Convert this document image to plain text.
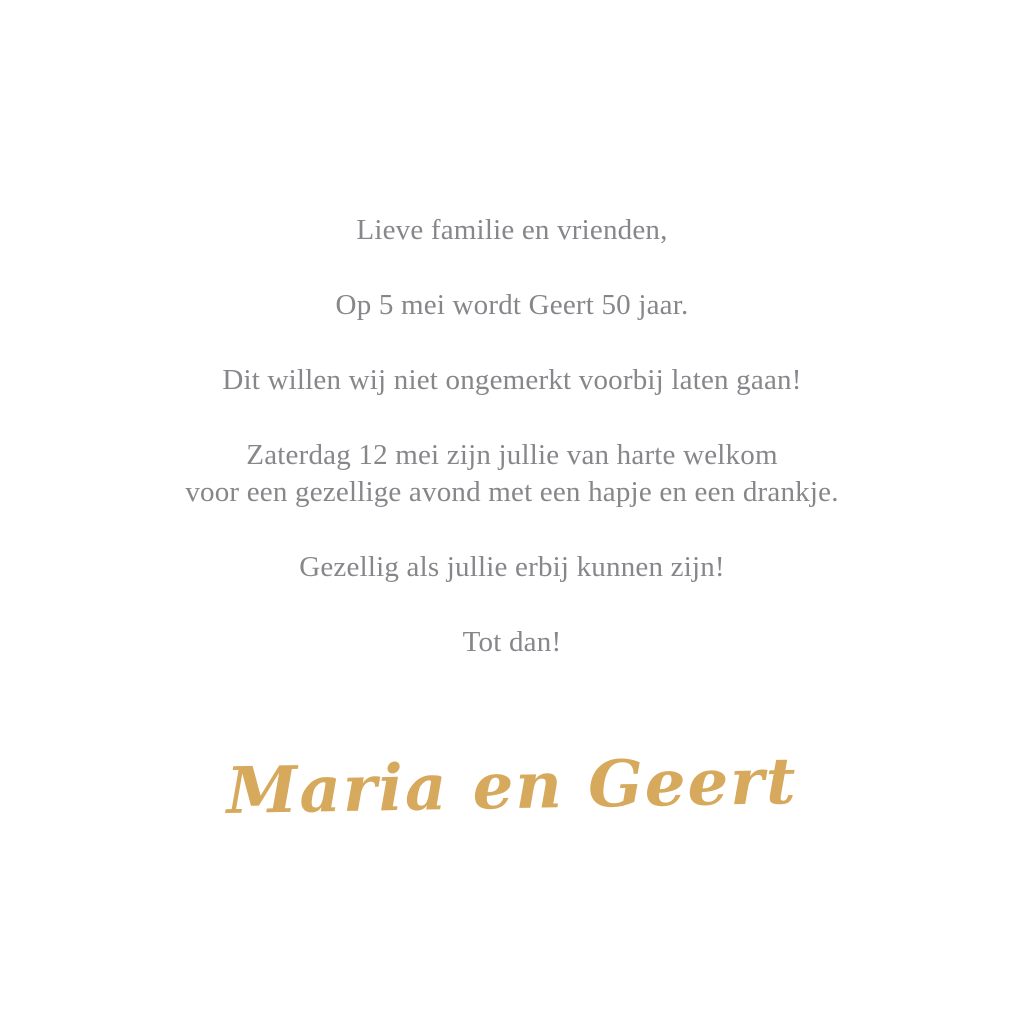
Lieve familie en vrienden,

Op 5 mei wordt Geert 50 jaar.

Dit willen wij niet ongemerkt voorbij laten gaan!

Zaterdag 12 mei zijn jullie van harte welkom
voor een gezellige avond met een hapje en een drankje.

Gezellig als jullie erbij kunnen zijn!

Tot dan!

Maria en Geert
